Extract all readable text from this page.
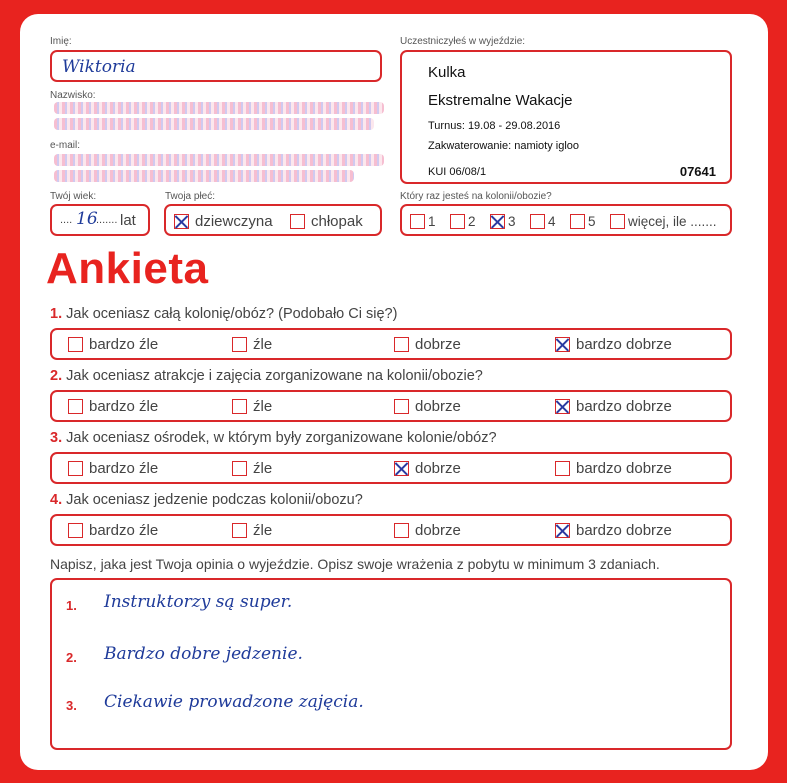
Imię:
Wiktoria
Nazwisko:
e-mail:
Twój wiek:
.... 16
....... lat
Twoja płeć:
dziewczyna	chłopak
Uczestniczyłeś w wyjeździe:
Kulka
Ekstremalne Wakacje
Turnus: 19.08 - 29.08.2016
Zakwaterowanie: namioty igloo
KUI 06/08/1	07641
Który raz jesteś na kolonii/obozie?
1	2	3	4	5	więcej, ile .......
Ankieta
1. Jak oceniasz całą kolonię/obóz? (Podobało Ci się?)
bardzo źle	źle	dobrze	bardzo dobrze
2. Jak oceniasz atrakcje i zajęcia zorganizowane na kolonii/obozie?
bardzo źle	źle	dobrze	bardzo dobrze
3. Jak oceniasz ośrodek, w którym były zorganizowane kolonie/obóz?
bardzo źle	źle	dobrze	bardzo dobrze
4. Jak oceniasz jedzenie podczas kolonii/obozu?
bardzo źle	źle	dobrze	bardzo dobrze
Napisz, jaka jest Twoja opinia o wyjeździe. Opisz swoje wrażenia z pobytu w minimum 3 zdaniach.
1. Instruktorzy są super.
2. Bardzo dobre jedzenie.
3. Ciekawie prowadzone zajęcia.
